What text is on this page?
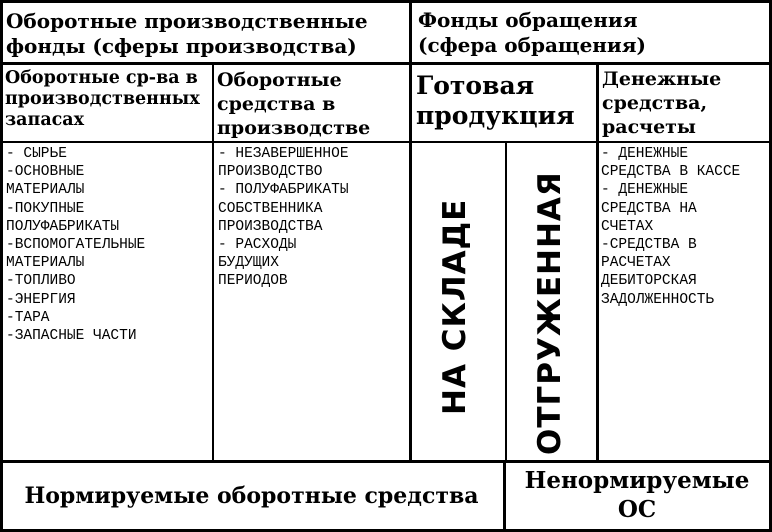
Оборотные производственные
фонды (сферы производства)
Фонды обращения
(сфера обращения)
Оборотные ср-ва в
производственных
запасах
Оборотные
средства в
производстве
Готовая
продукция
Денежные
средства,
расчеты
- СЫРЬЕ
-ОСНОВНЫЕ
МАТЕРИАЛЫ
-ПОКУПНЫЕ
ПОЛУФАБРИКАТЫ
-ВСПОМОГАТЕЛЬНЫЕ
МАТЕРИАЛЫ
-ТОПЛИВО
-ЭНЕРГИЯ
-ТАРА
-ЗАПАСНЫЕ ЧАСТИ
- НЕЗАВЕРШЕННОЕ
ПРОИЗВОДСТВО
- ПОЛУФАБРИКАТЫ
СОБСТВЕННИКА
ПРОИЗВОДСТВА
- РАСХОДЫ
БУДУЩИХ
ПЕРИОДОВ
- ДЕНЕЖНЫЕ
СРЕДСТВА В КАССЕ
- ДЕНЕЖНЫЕ
СРЕДСТВА НА
СЧЕТАХ
-СРЕДСТВА В
РАСЧЕТАХ
ДЕБИТОРСКАЯ
ЗАДОЛЖЕННОСТЬ
НА СКЛАДЕ ОТГРУЖЕННАЯ
Нормируемые оборотные средства
Ненормируемые
ОС
